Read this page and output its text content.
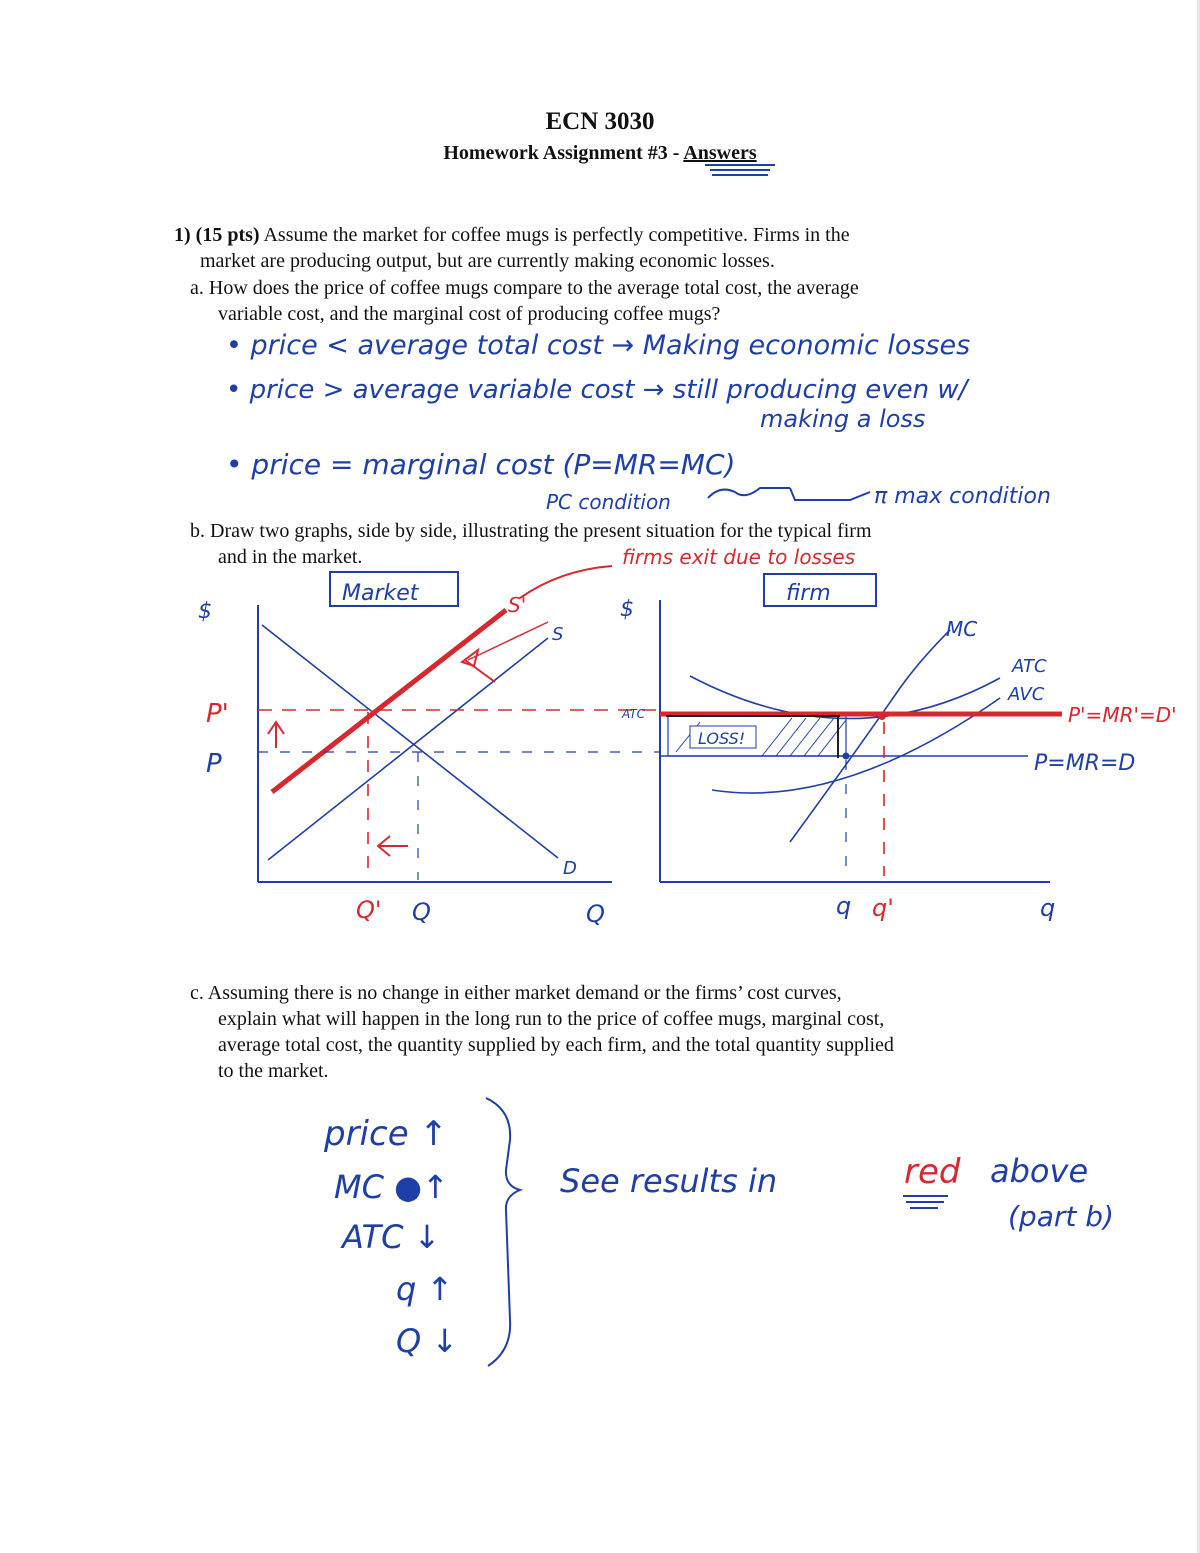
ECN 3030
Homework Assignment #3 - Answers
1) (15 pts) Assume the market for coffee mugs is perfectly competitive. Firms in the
market are producing output, but are currently making economic losses.
a. How does the price of coffee mugs compare to the average total cost, the average
variable cost, and the marginal cost of producing coffee mugs?
• price < average total cost → Making economic losses
• price > average variable cost → still producing even w/
making a loss
• price = marginal cost (P=MR=MC)
PC condition	π max condition
b. Draw two graphs, side by side, illustrating the present situation for the typical firm
and in the market.	firms exit due to losses
Market
$
D
S
S'
P'
P
Q' Q	Q
firm
$
MC
ATC
AVC
LOSS!
ATC	P'=MR'=D'
P=MR=D
q q'	q
c. Assuming there is no change in either market demand or the firms’ cost curves,
explain what will happen in the long run to the price of coffee mugs, marginal cost,
average total cost, the quantity supplied by each firm, and the total quantity supplied
to the market.
price ↑
MC ●↑
ATC ↓
q ↑
Q ↓
See results in	red above
(part b)
